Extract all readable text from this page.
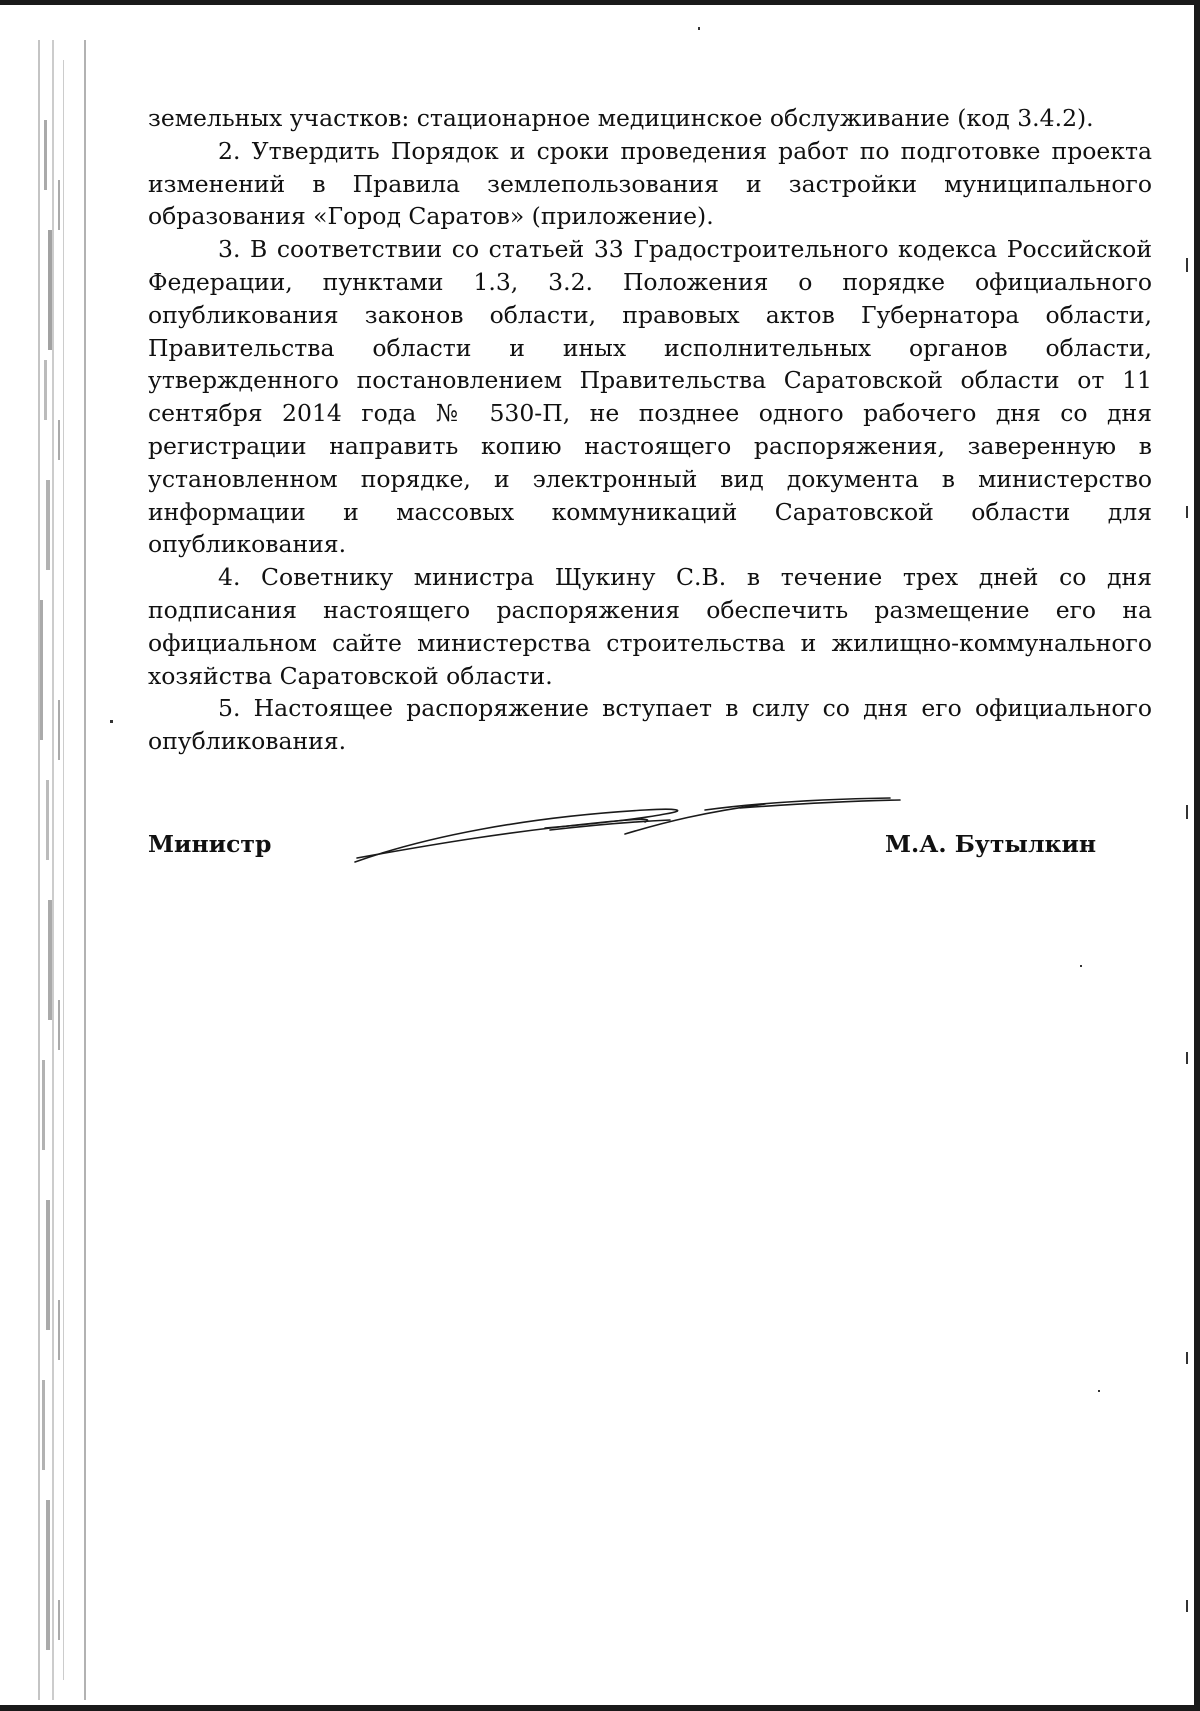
земельных участков: стационарное медицинское обслуживание (код 3.4.2).

2. Утвердить Порядок и сроки проведения работ по подготовке проекта изменений в Правила землепользования и застройки муниципального образования «Город Саратов» (приложение).

3. В соответствии со статьей 33 Градостроительного кодекса Российской Федерации, пунктами 1.3, 3.2. Положения о порядке официального опубликования законов области, правовых актов Губернатора области, Правительства области и иных исполнительных органов области, утвержденного постановлением Правительства Саратовской области от 11 сентября 2014 года № 530-П, не позднее одного рабочего дня со дня регистрации направить копию настоящего распоряжения, заверенную в установленном порядке, и электронный вид документа в министерство информации и массовых коммуникаций Саратовской области для опубликования.

4. Советнику министра Щукину С.В. в течение трех дней со дня подписания настоящего распоряжения обеспечить размещение его на официальном сайте министерства строительства и жилищно-коммунального хозяйства Саратовской области.

5. Настоящее распоряжение вступает в силу со дня его официального опубликования.

Министр	М.А. Бутылкин
